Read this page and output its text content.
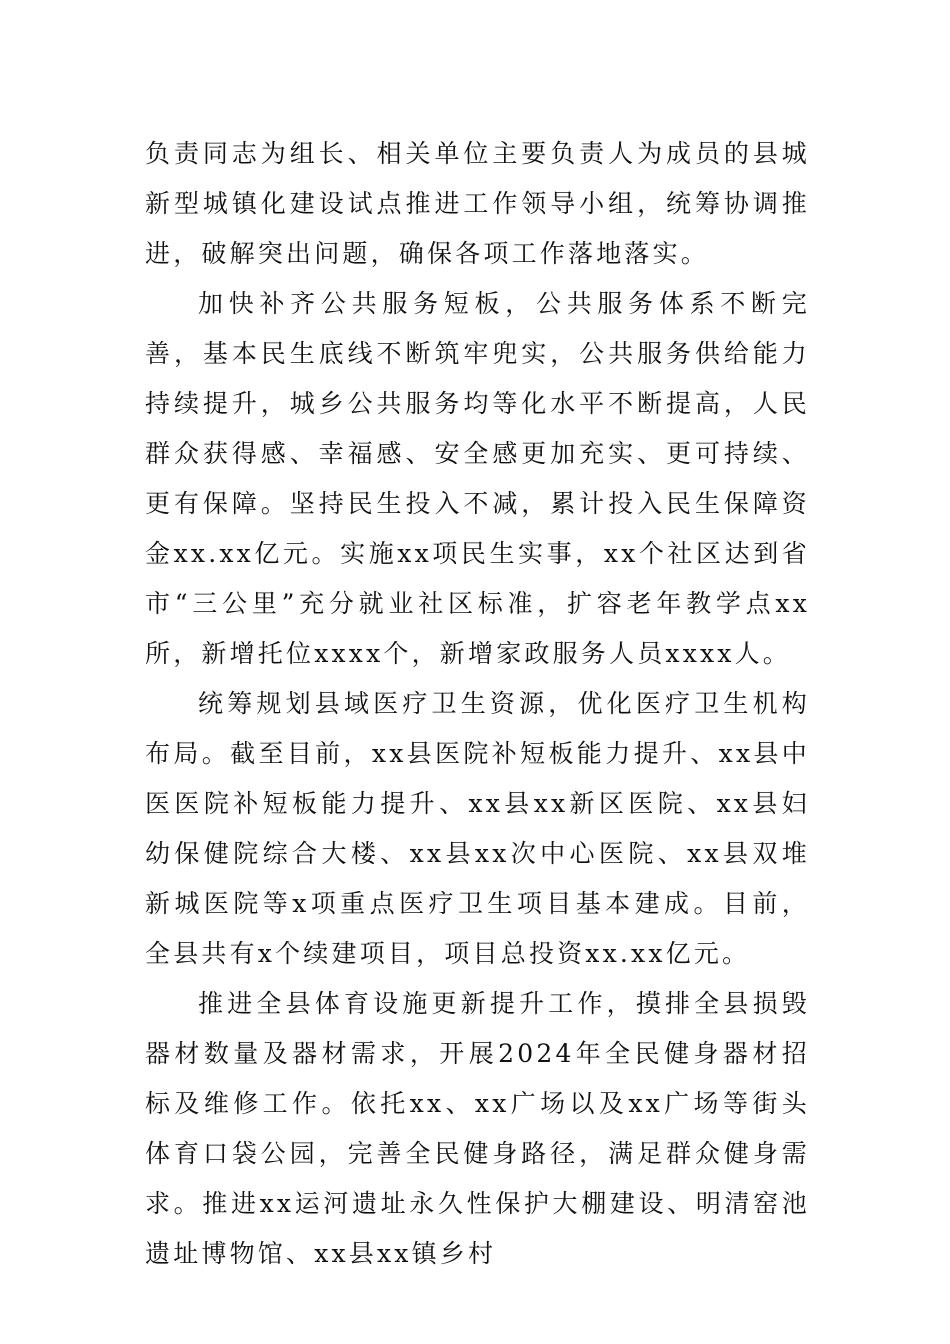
负责同志为组长、相关单位主要负责人为成员的县城新型城镇化建设试点推进工作领导小组，统筹协调推进，破解突出问题，确保各项工作落地落实。

加快补齐公共服务短板，公共服务体系不断完善，基本民生底线不断筑牢兜实，公共服务供给能力持续提升，城乡公共服务均等化水平不断提高，人民群众获得感、幸福感、安全感更加充实、更可持续、更有保障。坚持民生投入不减，累计投入民生保障资金xx.xx亿元。实施xx项民生实事，xx个社区达到省市“三公里”充分就业社区标准，扩容老年教学点xx所，新增托位xxxx个，新增家政服务人员xxxx人。

统筹规划县域医疗卫生资源，优化医疗卫生机构布局。截至目前，xx县医院补短板能力提升、xx县中医医院补短板能力提升、xx县xx新区医院、xx县妇幼保健院综合大楼、xx县xx次中心医院、xx县双堆新城医院等x项重点医疗卫生项目基本建成。目前，全县共有x个续建项目，项目总投资xx.xx亿元。

推进全县体育设施更新提升工作，摸排全县损毁器材数量及器材需求，开展2024年全民健身器材招标及维修工作。依托xx、xx广场以及xx广场等街头体育口袋公园，完善全民健身路径，满足群众健身需求。推进xx运河遗址永久性保护大棚建设、明清窑池遗址博物馆、xx县xx镇乡村
